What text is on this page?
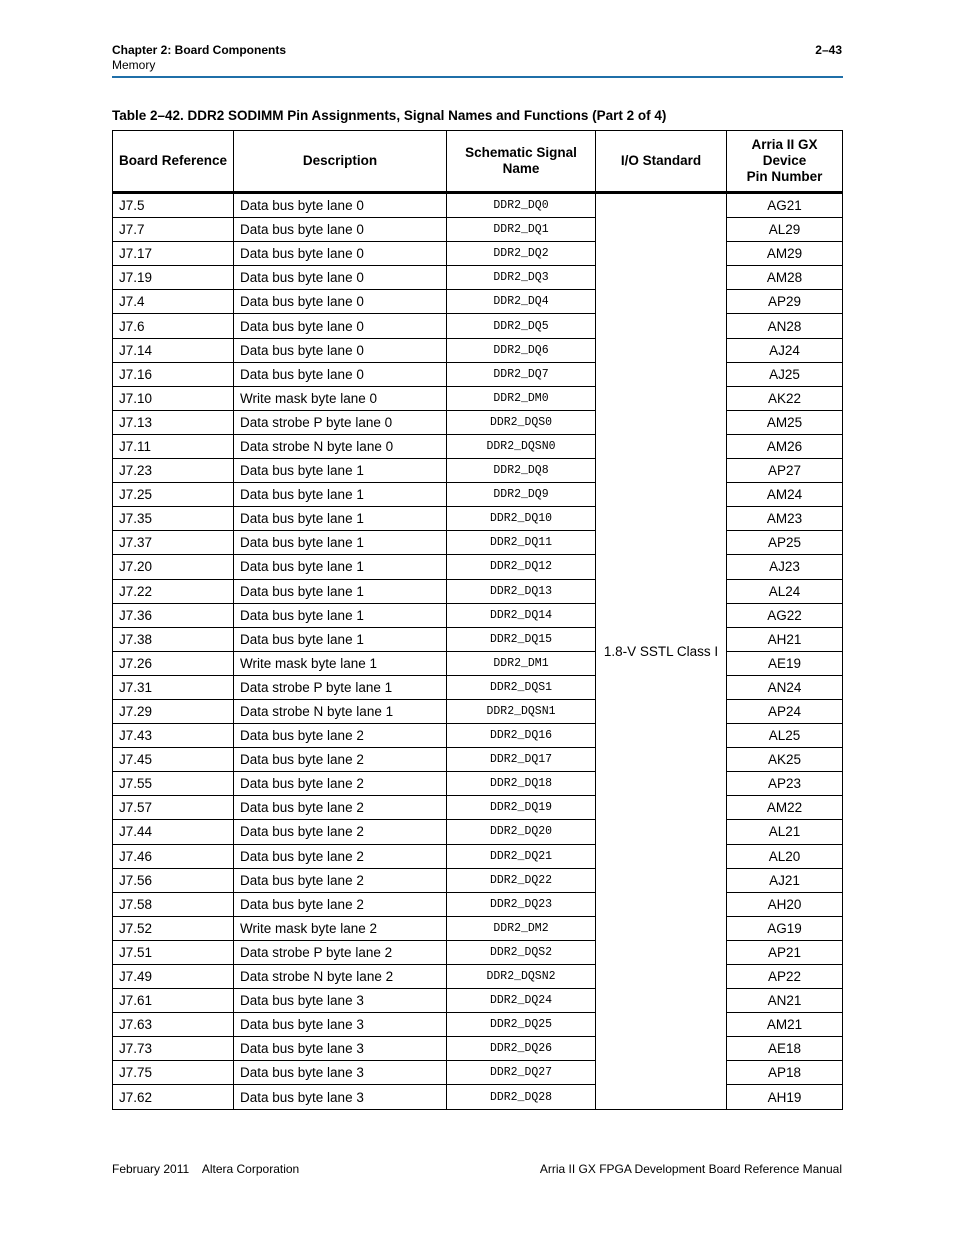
Chapter 2: Board Components
Memory
2–43
Table 2–42. DDR2 SODIMM Pin Assignments, Signal Names and Functions (Part 2 of 4)
Board Reference	Description	Schematic Signal Name	I/O Standard	Arria II GX
Device
Pin Number
J7.5	Data bus byte lane 0	DDR2_DQ0	1.8-V SSTL Class I	AG21
J7.7	Data bus byte lane 0	DDR2_DQ1		AL29
J7.17	Data bus byte lane 0	DDR2_DQ2		AM29
J7.19	Data bus byte lane 0	DDR2_DQ3		AM28
J7.4	Data bus byte lane 0	DDR2_DQ4		AP29
J7.6	Data bus byte lane 0	DDR2_DQ5		AN28
J7.14	Data bus byte lane 0	DDR2_DQ6		AJ24
J7.16	Data bus byte lane 0	DDR2_DQ7		AJ25
J7.10	Write mask byte lane 0	DDR2_DM0		AK22
J7.13	Data strobe P byte lane 0	DDR2_DQS0		AM25
J7.11	Data strobe N byte lane 0	DDR2_DQSN0		AM26
J7.23	Data bus byte lane 1	DDR2_DQ8		AP27
J7.25	Data bus byte lane 1	DDR2_DQ9		AM24
J7.35	Data bus byte lane 1	DDR2_DQ10		AM23
J7.37	Data bus byte lane 1	DDR2_DQ11		AP25
J7.20	Data bus byte lane 1	DDR2_DQ12		AJ23
J7.22	Data bus byte lane 1	DDR2_DQ13		AL24
J7.36	Data bus byte lane 1	DDR2_DQ14		AG22
J7.38	Data bus byte lane 1	DDR2_DQ15		AH21
J7.26	Write mask byte lane 1	DDR2_DM1		AE19
J7.31	Data strobe P byte lane 1	DDR2_DQS1		AN24
J7.29	Data strobe N byte lane 1	DDR2_DQSN1		AP24
J7.43	Data bus byte lane 2	DDR2_DQ16		AL25
J7.45	Data bus byte lane 2	DDR2_DQ17		AK25
J7.55	Data bus byte lane 2	DDR2_DQ18		AP23
J7.57	Data bus byte lane 2	DDR2_DQ19		AM22
J7.44	Data bus byte lane 2	DDR2_DQ20		AL21
J7.46	Data bus byte lane 2	DDR2_DQ21		AL20
J7.56	Data bus byte lane 2	DDR2_DQ22		AJ21
J7.58	Data bus byte lane 2	DDR2_DQ23		AH20
J7.52	Write mask byte lane 2	DDR2_DM2		AG19
J7.51	Data strobe P byte lane 2	DDR2_DQS2		AP21
J7.49	Data strobe N byte lane 2	DDR2_DQSN2		AP22
J7.61	Data bus byte lane 3	DDR2_DQ24		AN21
J7.63	Data bus byte lane 3	DDR2_DQ25		AM21
J7.73	Data bus byte lane 3	DDR2_DQ26		AE18
J7.75	Data bus byte lane 3	DDR2_DQ27		AP18
J7.62	Data bus byte lane 3	DDR2_DQ28		AH19
February 2011    Altera Corporation	Arria II GX FPGA Development Board Reference Manual
